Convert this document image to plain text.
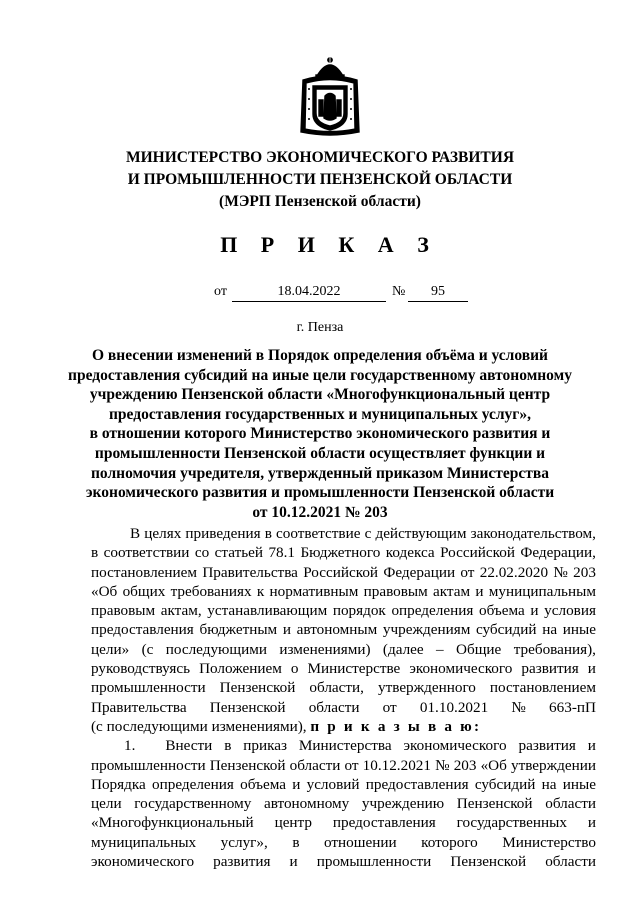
МИНИСТЕРСТВО ЭКОНОМИЧЕСКОГО РАЗВИТИЯ
И ПРОМЫШЛЕННОСТИ ПЕНЗЕНСКОЙ ОБЛАСТИ
(МЭРП Пензенской области)
П Р И К А З
от	18.04.2022	№	95
г. Пенза
О внесении изменений в Порядок определения объёма и условий
предоставления субсидий на иные цели государственному автономному
учреждению Пензенской области «Многофункциональный центр
предоставления государственных и муниципальных услуг»,
в отношении которого Министерство экономического развития и
промышленности Пензенской области осуществляет функции и
полномочия учредителя, утвержденный приказом Министерства
экономического развития и промышленности Пензенской области
от 10.12.2021 № 203
В целях приведения в соответствие с действующим законодательством,
в соответствии со статьей 78.1 Бюджетного кодекса Российской Федерации,
постановлением Правительства Российской Федерации от 22.02.2020 № 203
«Об общих требованиях к нормативным правовым актам и муниципальным
правовым актам, устанавливающим порядок определения объема и условия
предоставления бюджетным и автономным учреждениям субсидий на иные
цели» (с последующими изменениями) (далее – Общие требования),
руководствуясь Положением о Министерстве экономического развития и
промышленности Пензенской области, утвержденного постановлением
Правительства Пензенской области от 01.10.2021 № 663-пП
(с последующими изменениями),
п р и к а з ы в а ю:
1. Внести в приказ Министерства экономического развития и
промышленности Пензенской области от 10.12.2021 № 203 «Об утверждении
Порядка определения объема и условий предоставления субсидий на иные
цели государственному автономному учреждению Пензенской области
«Многофункциональный центр предоставления государственных и
муниципальных услуг», в отношении которого Министерство
экономического развития и промышленности Пензенской области
